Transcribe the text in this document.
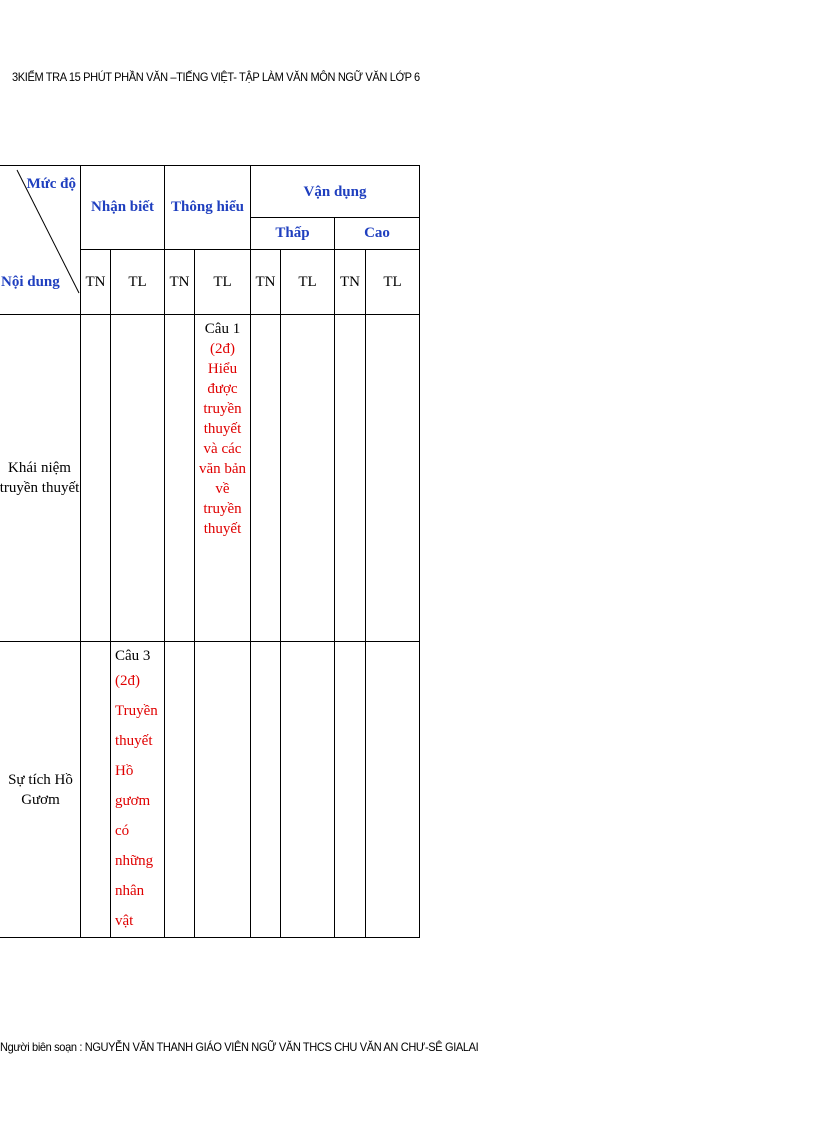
3KIỂM TRA 15 PHÚT PHẦN VĂN –TIẾNG VIỆT- TẬP LÀM VĂN MÔN NGỮ VĂN LỚP 6
Mức độ
Nội dung	Nhận biết		Thông hiểu		Vận dụng			
					Thấp		Cao	
	TN	TL	TN	TL	TN	TL	TN	TL
Khái niệm truyền thuyết				Câu 1
(2đ) Hiểu được truyền thuyết và các văn bản về truyền thuyết				

Sự tích Hồ Gươm		Câu 3
(2đ) Truyền thuyết Hồ gươm có những nhân vật						

Người biên soạn : NGUYỄN VĂN THANH GIÁO VIÊN NGỮ VĂN THCS CHU VĂN AN CHƯ-SÊ GIALAI
